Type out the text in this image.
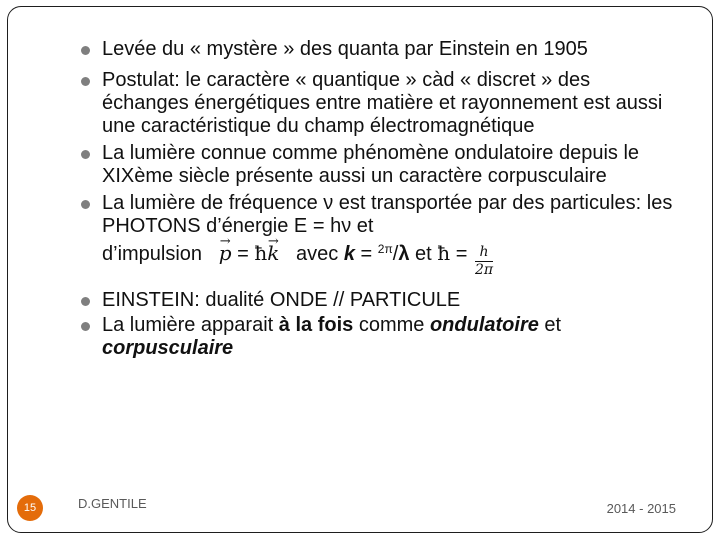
Levée du « mystère » des quanta par Einstein en 1905
Postulat: le caractère « quantique » càd « discret » des échanges énergétiques entre matière et rayonnement est aussi une caractéristique du champ électromagnétique
La lumière connue comme phénomène ondulatoire depuis le XIXème siècle présente aussi un caractère corpusculaire
La lumière de fréquence ν est transportée par des particules: les PHOTONS d’énergie E = hν et
d’impulsion   → p = ħ→ k avec k = $^{2\pi}$/λ et ħ = $\frac{h}{2\pi}$
EINSTEIN: dualité ONDE // PARTICULE
La lumière apparait à la fois comme ondulatoire et corpusculaire
15	D.GENTILE	2014 - 2015
